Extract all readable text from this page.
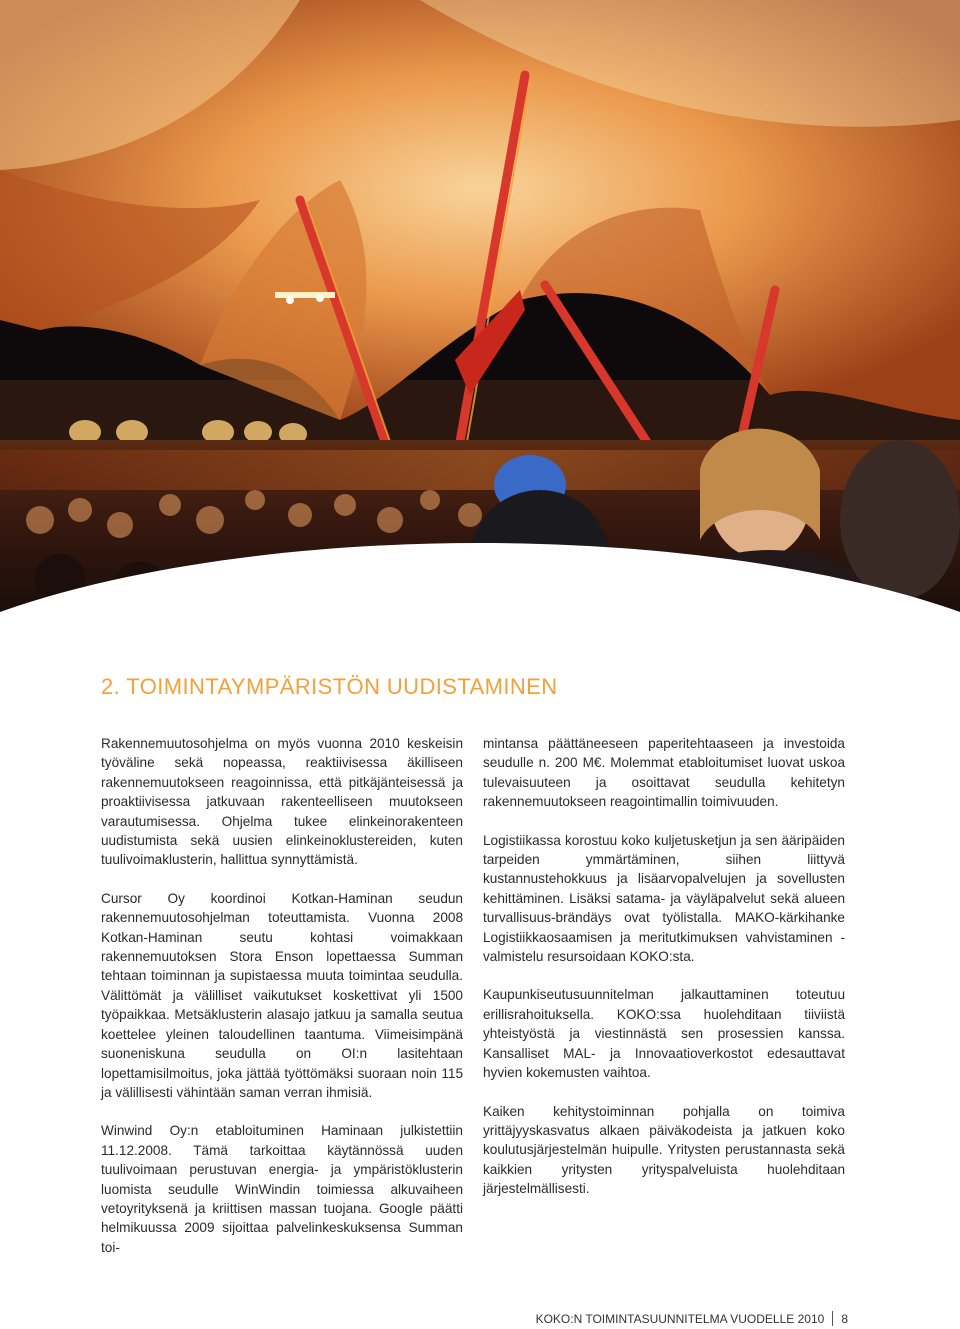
2. TOIMINTAYMPÄRISTÖN UUDISTAMINEN

Rakennemuutosohjelma on myös vuonna 2010 keskeisin työväline sekä nopeassa, reaktiivisessa äkilliseen rakennemuutokseen reagoinnissa, että pitkäjänteisessä ja proaktiivisessa jatkuvaan rakenteelliseen muutokseen varautumisessa. Ohjelma tukee elinkeinorakenteen uudistumista sekä uusien elinkeinoklustereiden, kuten tuulivoimaklusterin, hallittua synnyttämistä.

Cursor Oy koordinoi Kotkan-Haminan seudun rakennemuutosohjelman toteuttamista. Vuonna 2008 Kotkan-Haminan seutu kohtasi voimakkaan rakennemuutoksen Stora Enson lopettaessa Summan tehtaan toiminnan ja supistaessa muuta toimintaa seudulla. Välittömät ja välilliset vaikutukset koskettivat yli 1500 työpaikkaa. Metsäklusterin alasajo jatkuu ja samalla seutua koettelee yleinen taloudellinen taantuma. Viimeisimpänä suoneniskuna seudulla on OI:n lasitehtaan lopettamisilmoitus, joka jättää työttömäksi suoraan noin 115 ja välillisesti vähintään saman verran ihmisiä.

Winwind Oy:n etabloituminen Haminaan julkistettiin 11.12.2008. Tämä tarkoittaa käytännössä uuden tuulivoimaan perustuvan energia- ja ympäristöklusterin luomista seudulle WinWindin toimiessa alkuvaiheen vetoyrityksenä ja kriittisen massan tuojana. Google päätti helmikuussa 2009 sijoittaa palvelinkeskuksensa Summan toi-

mintansa päättäneeseen paperitehtaaseen ja investoida seudulle n. 200 M€. Molemmat etabloitumiset luovat uskoa tulevaisuuteen ja osoittavat seudulla kehitetyn rakennemuutokseen reagointimallin toimivuuden.

Logistiikassa korostuu koko kuljetusketjun ja sen ääripäiden tarpeiden ymmärtäminen, siihen liittyvä kustannustehokkuus ja lisäarvopalvelujen ja sovellusten kehittäminen. Lisäksi satama- ja väyläpalvelut sekä alueen turvallisuus-brändäys ovat työlistalla. MAKO-kärkihanke Logistiikkaosaamisen ja meritutkimuksen vahvistaminen -valmistelu resursoidaan KOKO:sta.

Kaupunkiseutusuunnitelman jalkauttaminen toteutuu erillisrahoituksella. KOKO:ssa huolehditaan tiiviistä yhteistyöstä ja viestinnästä sen prosessien kanssa. Kansalliset MAL- ja Innovaatioverkostot edesauttavat hyvien kokemusten vaihtoa.

Kaiken kehitystoiminnan pohjalla on toimiva yrittäjyyskasvatus alkaen päiväkodeista ja jatkuen koko koulutusjärjestelmän huipulle. Yritysten perustannasta sekä kaikkien yritysten yrityspalveluista huolehditaan järjestelmällisesti.

KOKO:N TOIMINTASUUNNITELMA VUODELLE 2010 8
